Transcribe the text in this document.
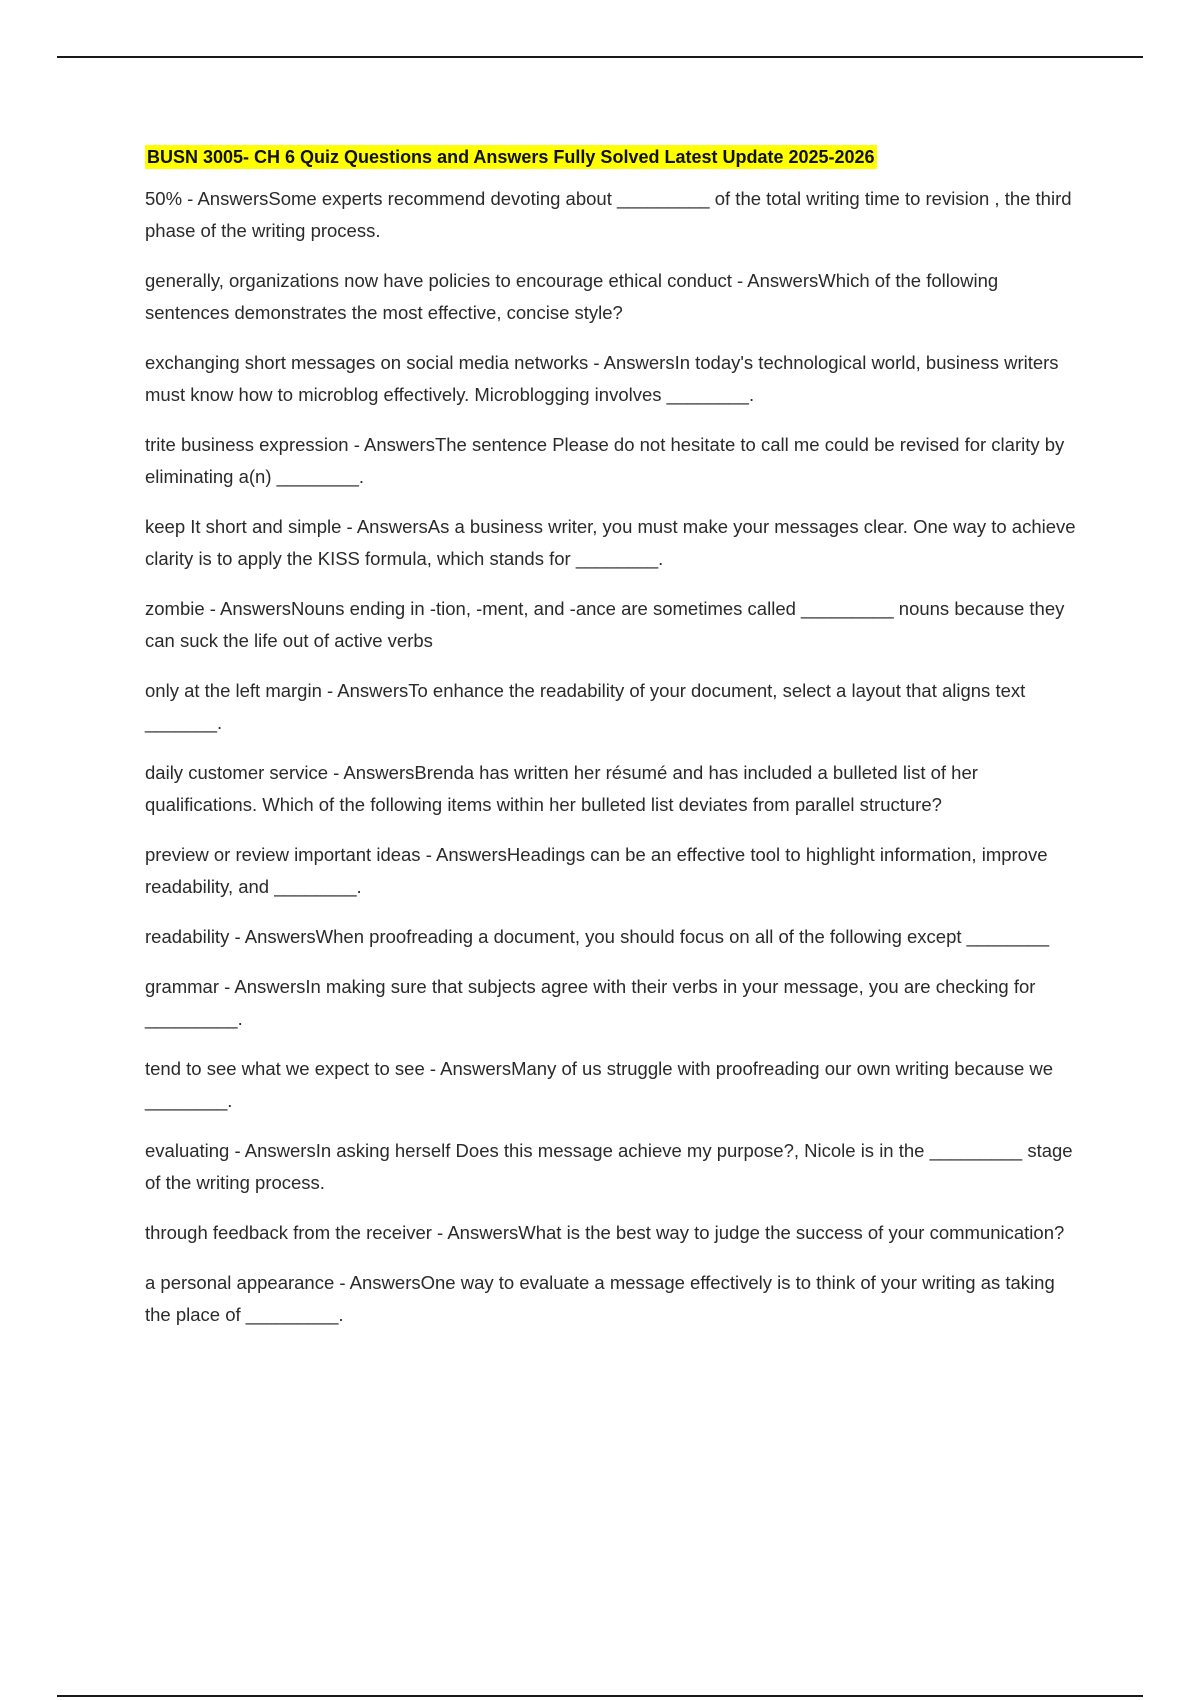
BUSN 3005- CH 6 Quiz Questions and Answers Fully Solved Latest Update 2025-2026

50% - AnswersSome experts recommend devoting about _________ of the total writing time to revision , the third phase of the writing process.

generally, organizations now have policies to encourage ethical conduct - AnswersWhich of the following sentences demonstrates the most effective, concise style?

exchanging short messages on social media networks - AnswersIn today's technological world, business writers must know how to microblog effectively. Microblogging involves ________.

trite business expression - AnswersThe sentence Please do not hesitate to call me could be revised for clarity by eliminating a(n) ________.

keep It short and simple - AnswersAs a business writer, you must make your messages clear. One way to achieve clarity is to apply the KISS formula, which stands for ________.

zombie - AnswersNouns ending in -tion, -ment, and -ance are sometimes called _________ nouns because they can suck the life out of active verbs

only at the left margin - AnswersTo enhance the readability of your document, select a layout that aligns text _______.

daily customer service - AnswersBrenda has written her résumé and has included a bulleted list of her qualifications. Which of the following items within her bulleted list deviates from parallel structure?

preview or review important ideas - AnswersHeadings can be an effective tool to highlight information, improve readability, and ________.

readability - AnswersWhen proofreading a document, you should focus on all of the following except ________

grammar - AnswersIn making sure that subjects agree with their verbs in your message, you are checking for _________.

tend to see what we expect to see - AnswersMany of us struggle with proofreading our own writing because we ________.

evaluating - AnswersIn asking herself Does this message achieve my purpose?, Nicole is in the _________ stage of the writing process.

through feedback from the receiver - AnswersWhat is the best way to judge the success of your communication?

a personal appearance - AnswersOne way to evaluate a message effectively is to think of your writing as taking the place of _________.
